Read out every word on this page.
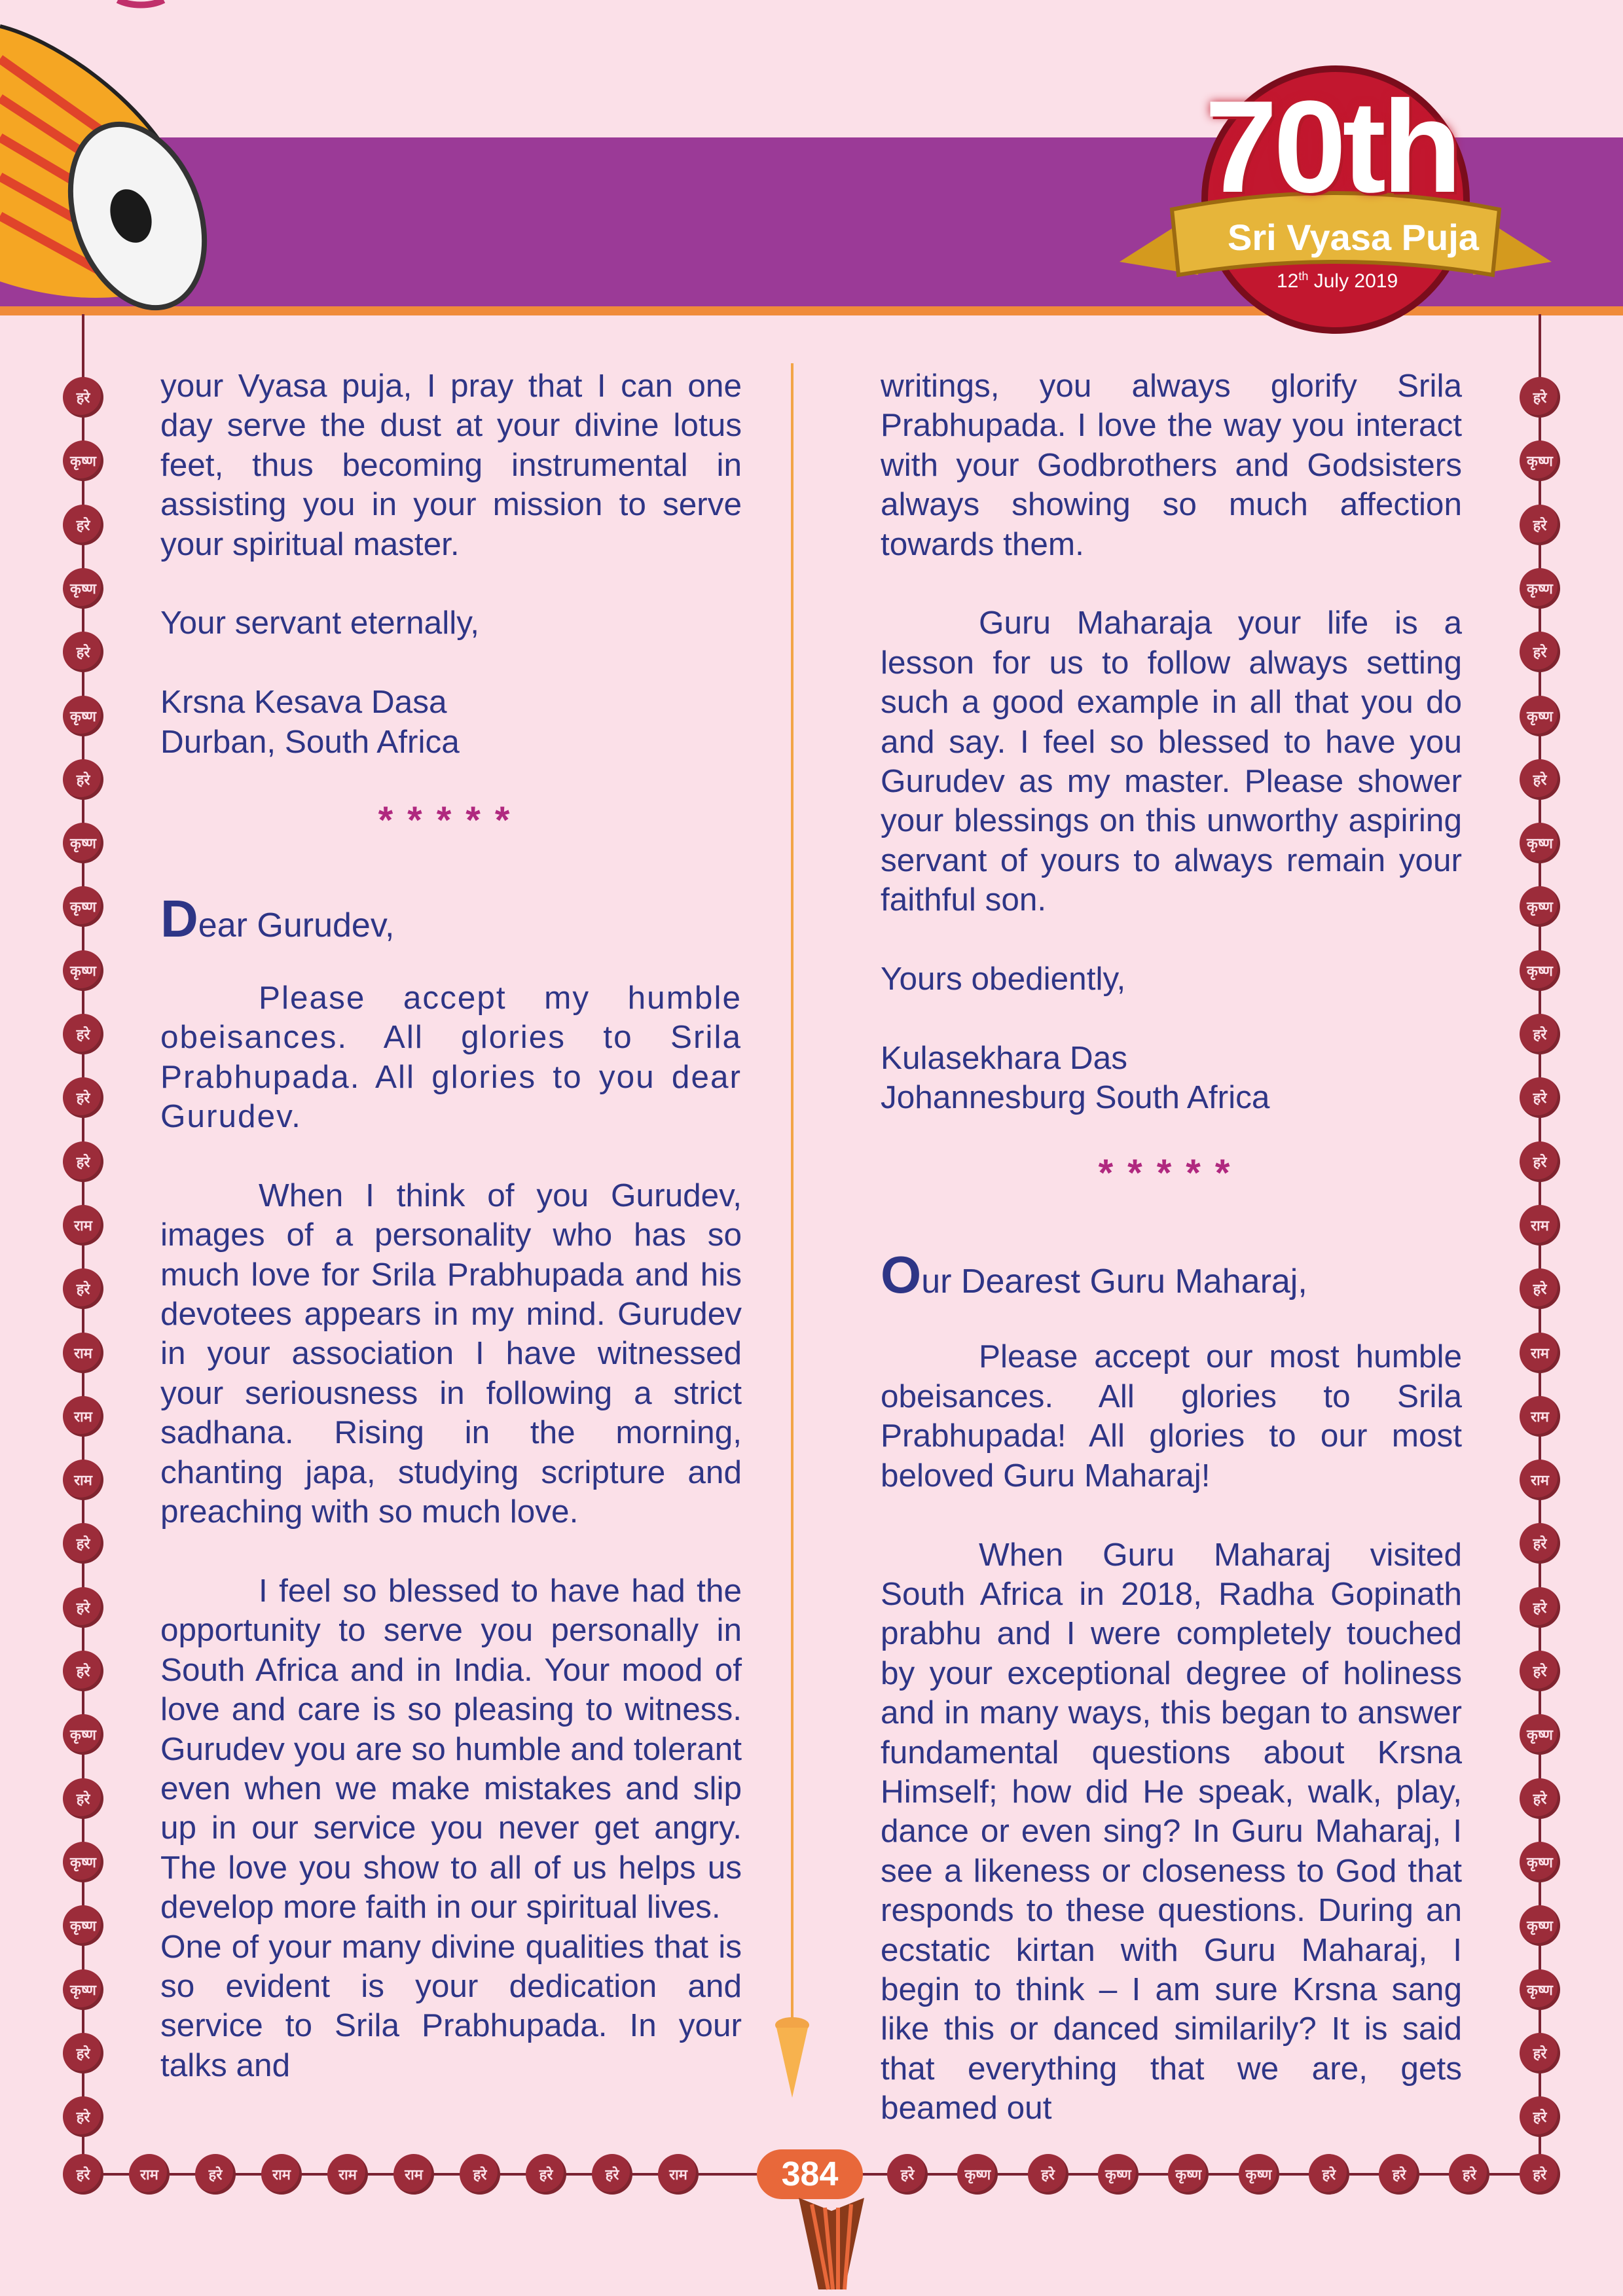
70th
Sri Vyasa Puja
12th July 2019
हरे
कृष्ण
हरे
कृष्ण
हरे
कृष्ण
हरे
कृष्ण
कृष्ण
कृष्ण
हरे
हरे
हरे
राम
हरे
राम
राम
राम
हरे
हरे
हरे
कृष्ण
हरे
कृष्ण
कृष्ण
कृष्ण
हरे
हरे
हरे
कृष्ण
हरे
कृष्ण
हरे
कृष्ण
हरे
कृष्ण
कृष्ण
कृष्ण
हरे
हरे
हरे
राम
हरे
राम
राम
राम
हरे
हरे
हरे
कृष्ण
हरे
कृष्ण
कृष्ण
कृष्ण
हरे
हरे
हरे	राम	हरे	राम	राम	राम	हरे	हरे	हरे	राम	हरे	कृष्ण	हरे	कृष्ण	कृष्ण	कृष्ण	हरे	हरे	हरे	हरे
384

your Vyasa puja, I pray that I can one day serve the dust at your divine lotus feet, thus becoming instrumental in assisting you in your mission to serve your spiritual master.

Your servant eternally,

Krsna Kesava Dasa

Durban, South Africa

*****

Dear Gurudev,

Please accept my humble obeisances. All glories to Srila Prabhupada. All glories to you dear Gurudev.

When I think of you Gurudev, images of a personality who has so much love for Srila Prabhupada and his devotees appears in my mind. Gurudev in your association I have witnessed your seriousness in following a strict sadhana. Rising in the morning, chanting japa, studying scripture and preaching with so much love.

I feel so blessed to have had the opportunity to serve you personally in South Africa and in India. Your mood of love and care is so pleasing to witness. Gurudev you are so humble and tolerant even when we make mistakes and slip up in our service you never get angry. The love you show to all of us helps us develop more faith in our spiritual lives.

One of your many divine qualities that is so evident is your dedication and service to Srila Prabhupada. In your talks and

writings, you always glorify Srila Prabhupada. I love the way you interact with your Godbrothers and Godsisters always showing so much affection towards them.

Guru Maharaja your life is a lesson for us to follow always setting such a good example in all that you do and say. I feel so blessed to have you Gurudev as my master. Please shower your blessings on this unworthy aspiring servant of yours to always remain your faithful son.

Yours obediently,

Kulasekhara Das

Johannesburg South Africa

*****

Our Dearest Guru Maharaj,

Please accept our most humble obeisances. All glories to Srila Prabhupada! All glories to our most beloved Guru Maharaj!

When Guru Maharaj visited South Africa in 2018, Radha Gopinath prabhu and I were completely touched by your exceptional degree of holiness and in many ways, this began to answer fundamental questions about Krsna Himself; how did He speak, walk, play, dance or even sing? In Guru Maharaj, I see a likeness or closeness to God that responds to these questions. During an ecstatic kirtan with Guru Maharaj, I begin to think – I am sure Krsna sang like this or danced similarily? It is said that everything that we are, gets beamed out
